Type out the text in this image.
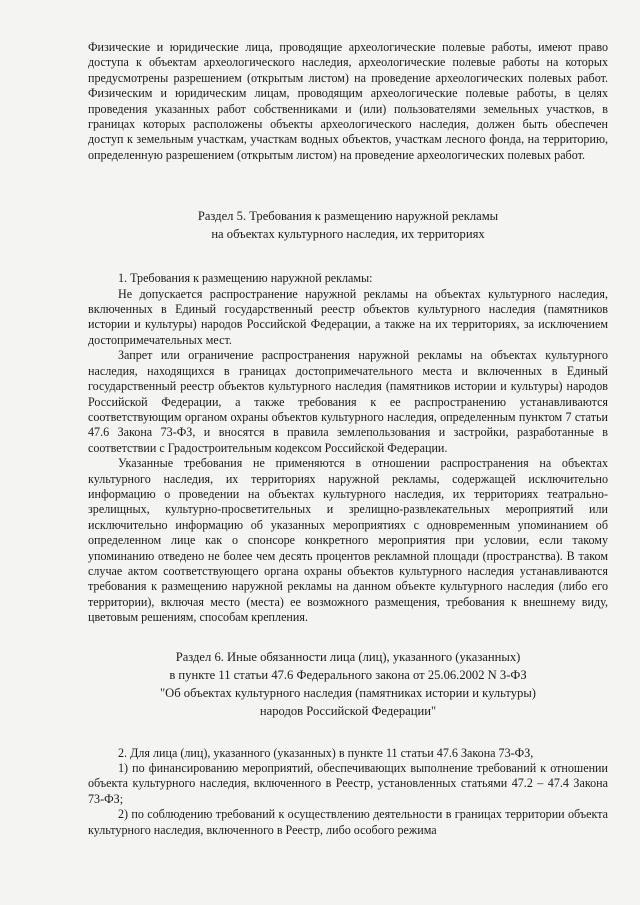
Физические и юридические лица, проводящие археологические полевые работы, имеют право доступа к объектам археологического наследия, археологические полевые работы на которых предусмотрены разрешением (открытым листом) на проведение археологических полевых работ. Физическим и юридическим лицам, проводящим археологические полевые работы, в целях проведения указанных работ собственниками и (или) пользователями земельных участков, в границах которых расположены объекты археологического наследия, должен быть обеспечен доступ к земельным участкам, участкам водных объектов, участкам лесного фонда, на территорию, определенную разрешением (открытым листом) на проведение археологических полевых работ.

Раздел 5. Требования к размещению наружной рекламы
на объектах культурного наследия, их территориях

1. Требования к размещению наружной рекламы:

Не допускается распространение наружной рекламы на объектах культурного наследия, включенных в Единый государственный реестр объектов культурного наследия (памятников истории и культуры) народов Российской Федерации, а также на их территориях, за исключением достопримечательных мест.

Запрет или ограничение распространения наружной рекламы на объектах культурного наследия, находящихся в границах достопримечательного места и включенных в Единый государственный реестр объектов культурного наследия (памятников истории и культуры) народов Российской Федерации, а также требования к ее распространению устанавливаются соответствующим органом охраны объектов культурного наследия, определенным пунктом 7 статьи 47.6 Закона 73-ФЗ, и вносятся в правила землепользования и застройки, разработанные в соответствии с Градостроительным кодексом Российской Федерации.

Указанные требования не применяются в отношении распространения на объектах культурного наследия, их территориях наружной рекламы, содержащей исключительно информацию о проведении на объектах культурного наследия, их территориях театрально-зрелищных, культурно-просветительных и зрелищно-развлекательных мероприятий или исключительно информацию об указанных мероприятиях с одновременным упоминанием об определенном лице как о спонсоре конкретного мероприятия при условии, если такому упоминанию отведено не более чем десять процентов рекламной площади (пространства). В таком случае актом соответствующего органа охраны объектов культурного наследия устанавливаются требования к размещению наружной рекламы на данном объекте культурного наследия (либо его территории), включая место (места) ее возможного размещения, требования к внешнему виду, цветовым решениям, способам крепления.

Раздел 6. Иные обязанности лица (лиц), указанного (указанных)
в пункте 11 статьи 47.6 Федерального закона от 25.06.2002 N 3-ФЗ
"Об объектах культурного наследия (памятниках истории и культуры)
народов Российской Федерации"

2. Для лица (лиц), указанного (указанных) в пункте 11 статьи 47.6 Закона 73-ФЗ,

1) по финансированию мероприятий, обеспечивающих выполнение требований к отношении объекта культурного наследия, включенного в Реестр, установленных статьями 47.2 – 47.4 Закона 73-ФЗ;

2) по соблюдению требований к осуществлению деятельности в границах территории объекта культурного наследия, включенного в Реестр, либо особого режима
